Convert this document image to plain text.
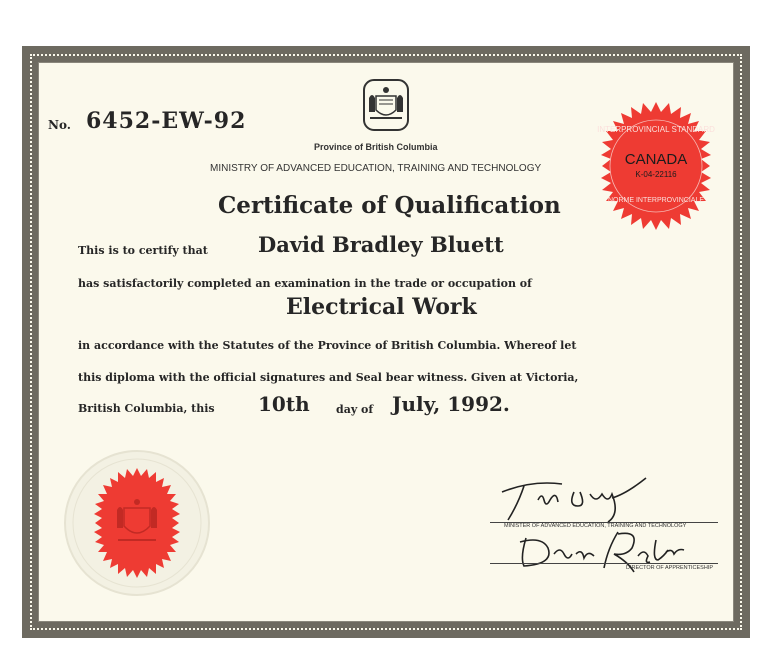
No. 6452-EW-92
Province of British Columbia
MINISTRY OF ADVANCED EDUCATION, TRAINING AND TECHNOLOGY
INTERPROVINCIAL STANDARD
CANADA
K-04-22116
NORME INTERPROVINCIALE
Certificate of Qualification
This is to certify that David Bradley Bluett
has satisfactorily completed an examination in the trade or occupation of
Electrical Work
in accordance with the Statutes of the Province of British Columbia. Whereof let
this diploma with the official signatures and Seal bear witness. Given at Victoria,
British Columbia, this 10th day of July, 1992.
MINISTER OF ADVANCED EDUCATION, TRAINING AND TECHNOLOGY
DIRECTOR OF APPRENTICESHIP
